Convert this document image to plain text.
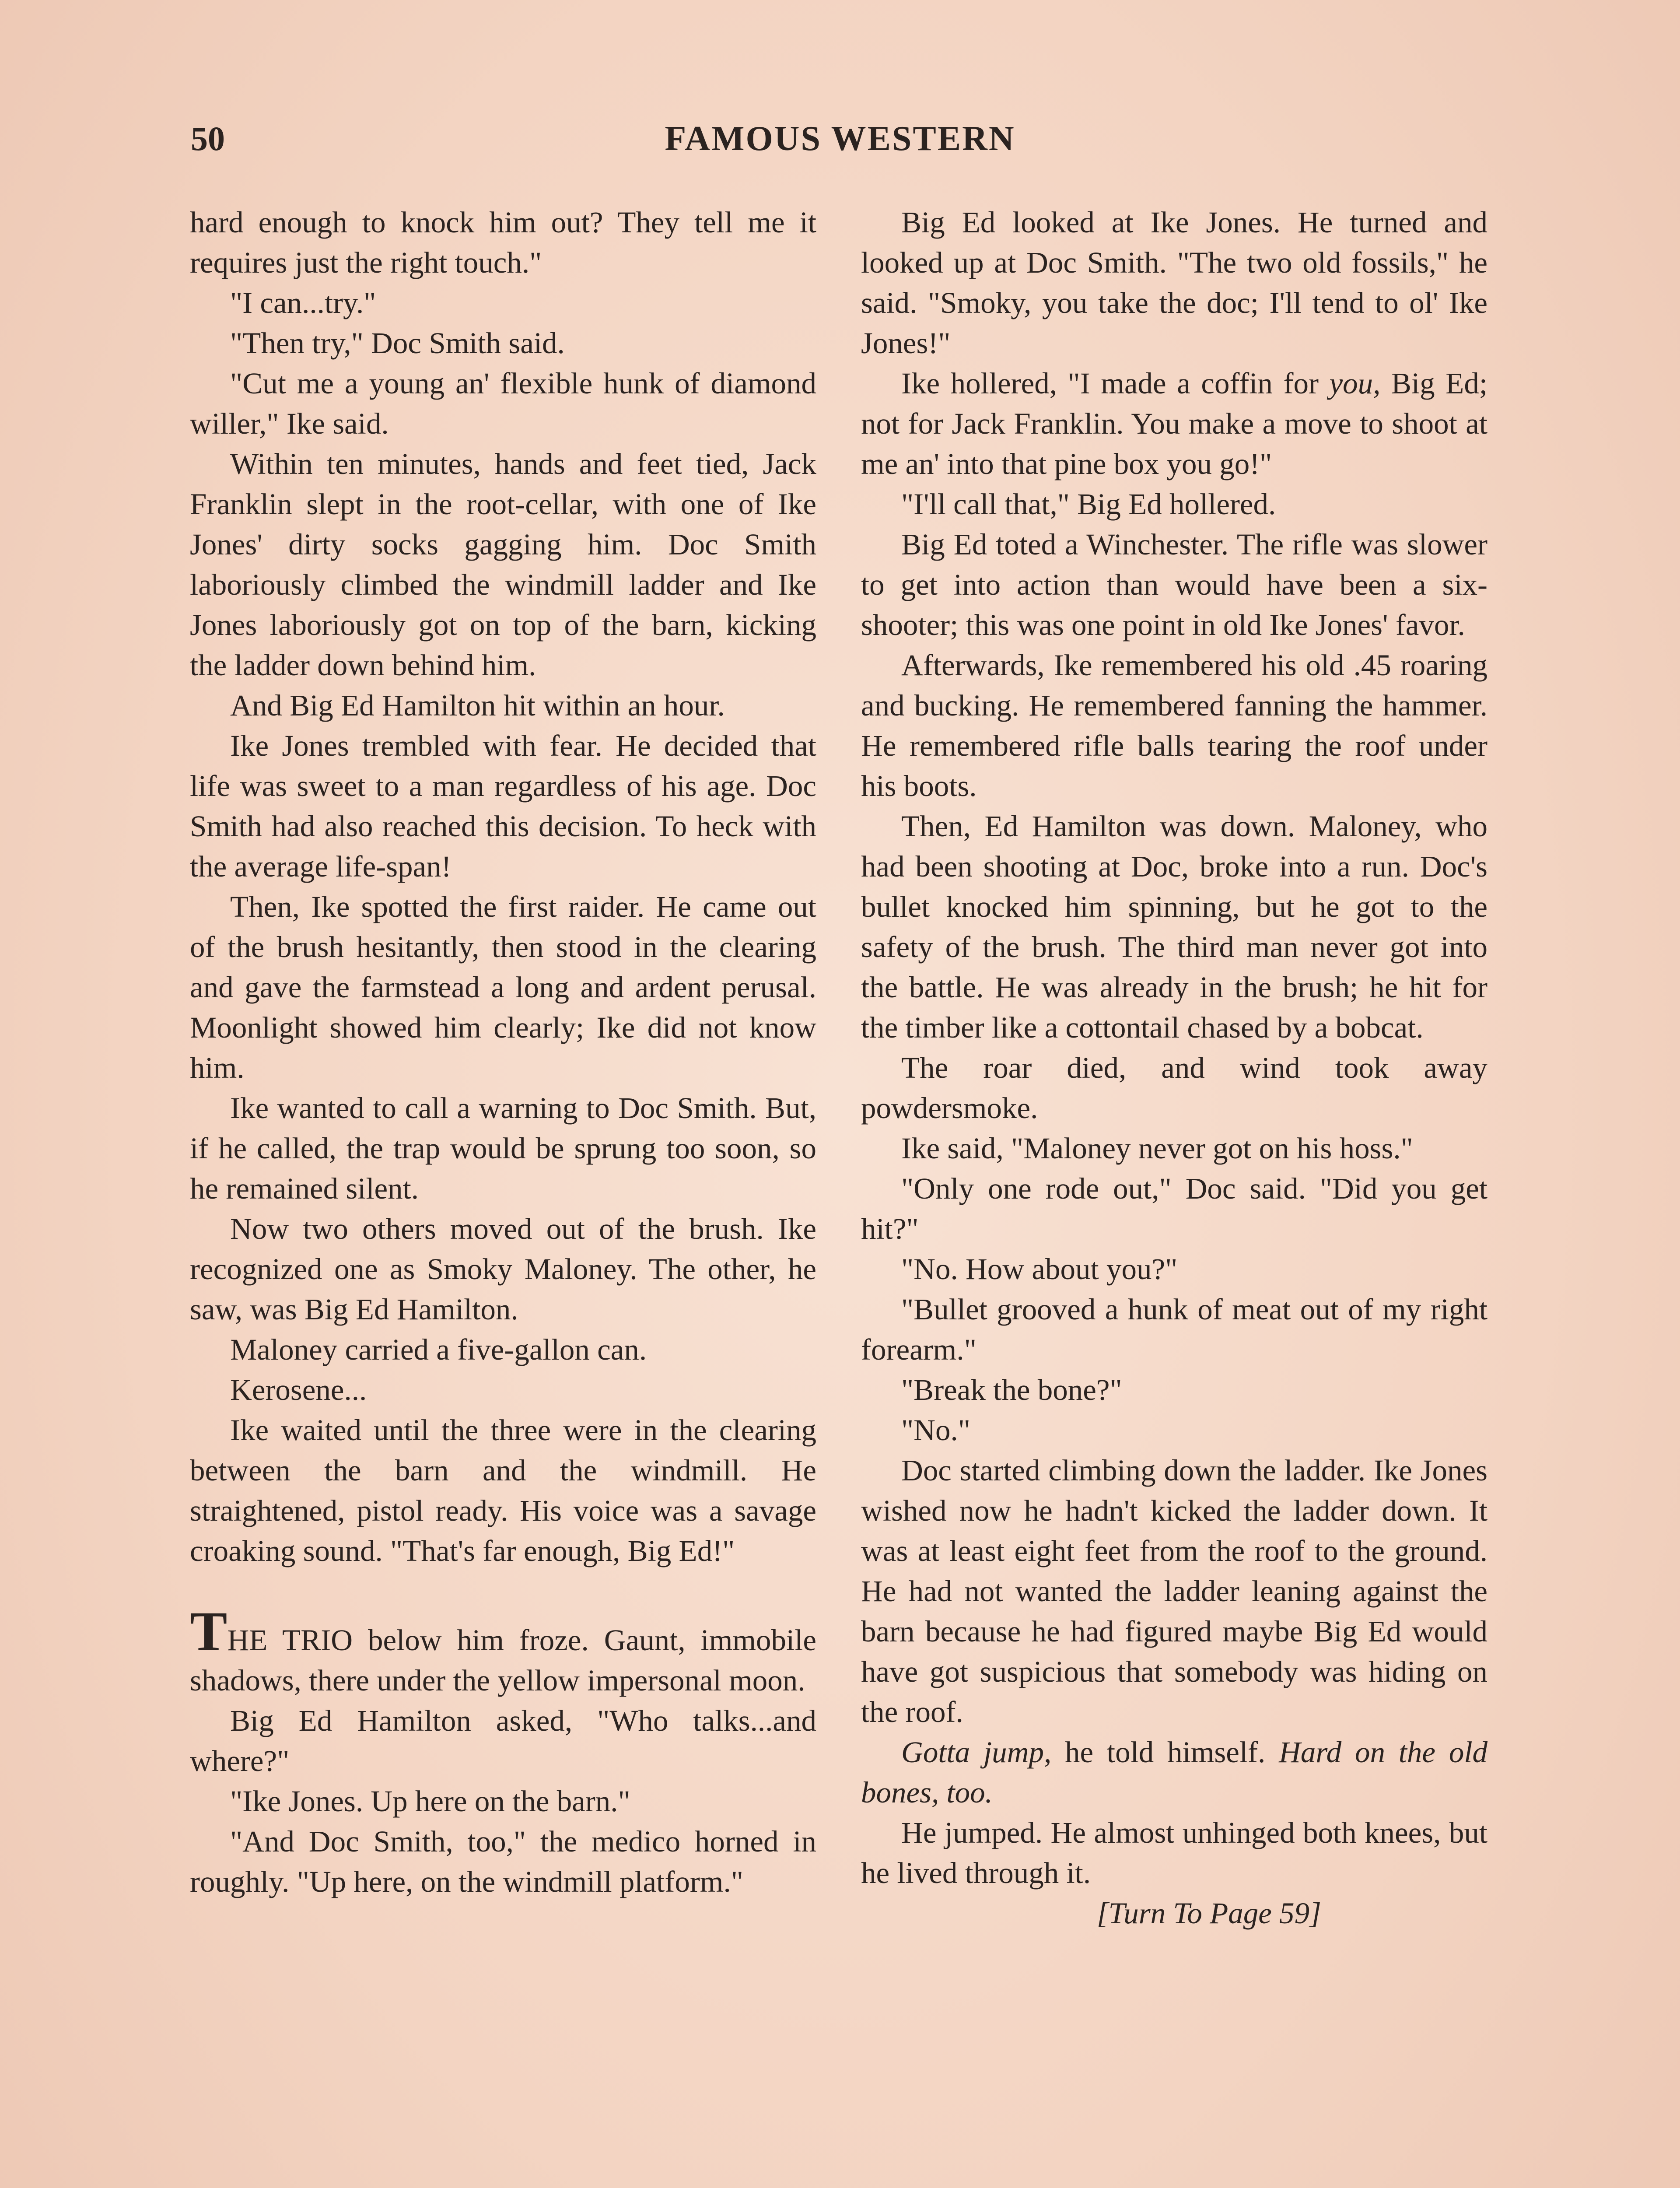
50	FAMOUS WESTERN

hard enough to knock him out? They tell me it requires just the right touch."

"I can...try."

"Then try," Doc Smith said.

"Cut me a young an' flexible hunk of diamond willer," Ike said.

Within ten minutes, hands and feet tied, Jack Franklin slept in the root-cellar, with one of Ike Jones' dirty socks gagging him. Doc Smith laboriously climbed the windmill ladder and Ike Jones laboriously got on top of the barn, kicking the ladder down behind him.

And Big Ed Hamilton hit within an hour.

Ike Jones trembled with fear. He decided that life was sweet to a man regardless of his age. Doc Smith had also reached this decision. To heck with the average life-span!

Then, Ike spotted the first raider. He came out of the brush hesitantly, then stood in the clearing and gave the farmstead a long and ardent perusal. Moonlight showed him clearly; Ike did not know him.

Ike wanted to call a warning to Doc Smith. But, if he called, the trap would be sprung too soon, so he remained silent.

Now two others moved out of the brush. Ike recognized one as Smoky Maloney. The other, he saw, was Big Ed Hamilton.

Maloney carried a five-gallon can.

Kerosene...

Ike waited until the three were in the clearing between the barn and the windmill. He straightened, pistol ready. His voice was a savage croaking sound. "That's far enough, Big Ed!"

THE TRIO below him froze. Gaunt, immobile shadows, there under the yellow impersonal moon.

Big Ed Hamilton asked, "Who talks...and where?"

"Ike Jones. Up here on the barn."

"And Doc Smith, too," the medico horned in roughly. "Up here, on the windmill platform."

Big Ed looked at Ike Jones. He turned and looked up at Doc Smith. "The two old fossils," he said. "Smoky, you take the doc; I'll tend to ol' Ike Jones!"

Ike hollered, "I made a coffin for you, Big Ed; not for Jack Franklin. You make a move to shoot at me an' into that pine box you go!"

"I'll call that," Big Ed hollered.

Big Ed toted a Winchester. The rifle was slower to get into action than would have been a six-shooter; this was one point in old Ike Jones' favor.

Afterwards, Ike remembered his old .45 roaring and bucking. He remembered fanning the hammer. He remembered rifle balls tearing the roof under his boots.

Then, Ed Hamilton was down. Maloney, who had been shooting at Doc, broke into a run. Doc's bullet knocked him spinning, but he got to the safety of the brush. The third man never got into the battle. He was already in the brush; he hit for the timber like a cottontail chased by a bobcat.

The roar died, and wind took away powdersmoke.

Ike said, "Maloney never got on his hoss."

"Only one rode out," Doc said. "Did you get hit?"

"No. How about you?"

"Bullet grooved a hunk of meat out of my right forearm."

"Break the bone?"

"No."

Doc started climbing down the ladder. Ike Jones wished now he hadn't kicked the ladder down. It was at least eight feet from the roof to the ground. He had not wanted the ladder leaning against the barn because he had figured maybe Big Ed would have got suspicious that somebody was hiding on the roof.

Gotta jump, he told himself. Hard on the old bones, too.

He jumped. He almost unhinged both knees, but he lived through it.

[Turn To Page 59]
